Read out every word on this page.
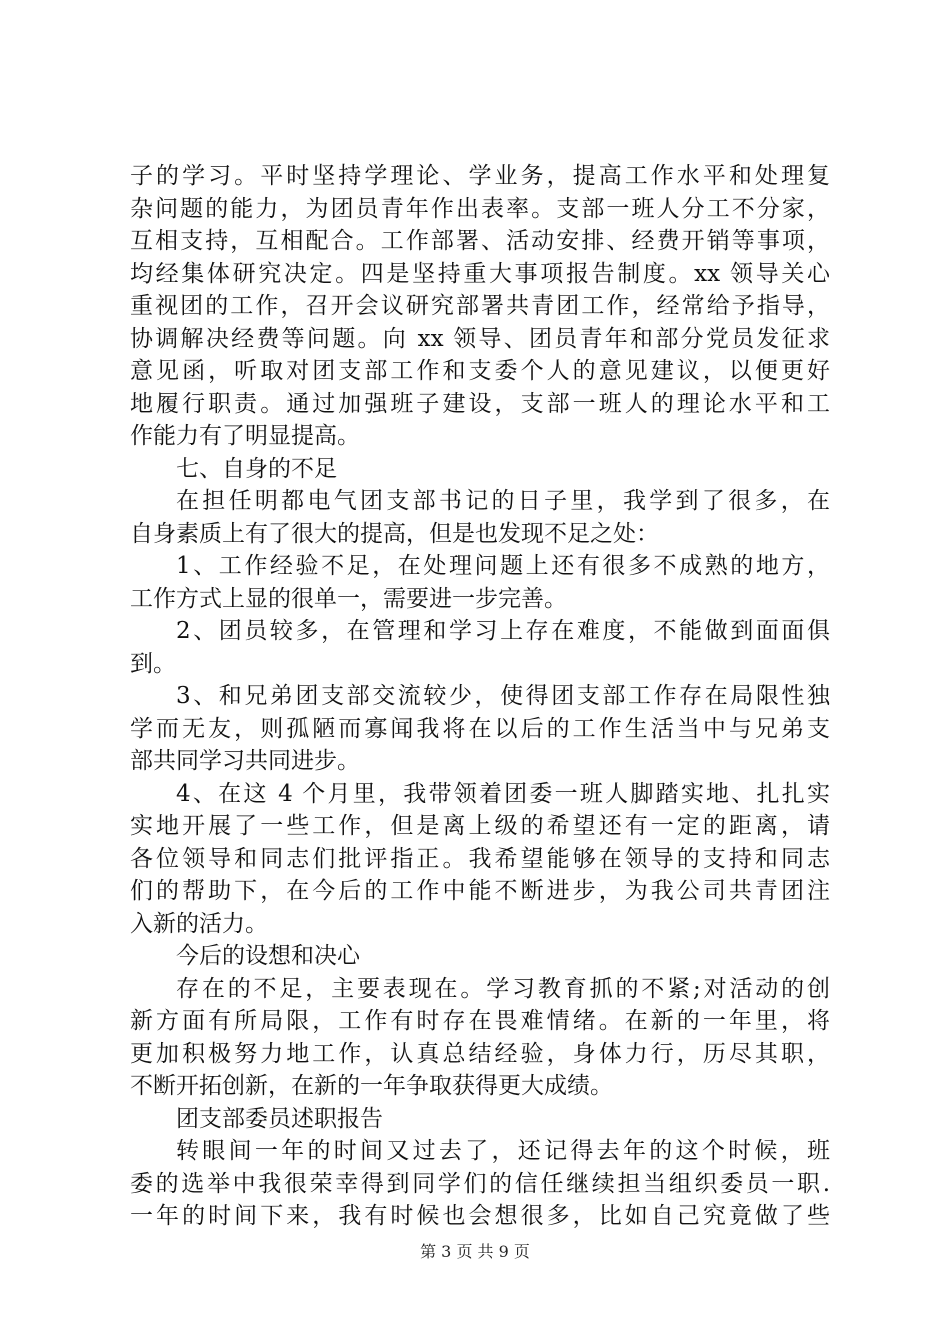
子的学习。平时坚持学理论、学业务，提高工作水平和处理复
杂问题的能力，为团员青年作出表率。支部一班人分工不分家，
互相支持，互相配合。工作部署、活动安排、经费开销等事项，
均经集体研究决定。四是坚持重大事项报告制度。xx 领导关心
重视团的工作，召开会议研究部署共青团工作，经常给予指导，
协调解决经费等问题。向 xx 领导、团员青年和部分党员发征求
意见函，听取对团支部工作和支委个人的意见建议，以便更好
地履行职责。通过加强班子建设，支部一班人的理论水平和工
作能力有了明显提高。
七、自身的不足
在担任明都电气团支部书记的日子里，我学到了很多，在
自身素质上有了很大的提高，但是也发现不足之处：
1、工作经验不足，在处理问题上还有很多不成熟的地方，
工作方式上显的很单一，需要进一步完善。
2、团员较多，在管理和学习上存在难度，不能做到面面俱
到。
3、和兄弟团支部交流较少，使得团支部工作存在局限性独
学而无友，则孤陋而寡闻我将在以后的工作生活当中与兄弟支
部共同学习共同进步。
4、在这 4 个月里，我带领着团委一班人脚踏实地、扎扎实
实地开展了一些工作，但是离上级的希望还有一定的距离，请
各位领导和同志们批评指正。我希望能够在领导的支持和同志
们的帮助下，在今后的工作中能不断进步，为我公司共青团注
入新的活力。
今后的设想和决心
存在的不足，主要表现在。学习教育抓的不紧;对活动的创
新方面有所局限，工作有时存在畏难情绪。在新的一年里，将
更加积极努力地工作，认真总结经验，身体力行，历尽其职，
不断开拓创新，在新的一年争取获得更大成绩。
团支部委员述职报告
转眼间一年的时间又过去了，还记得去年的这个时候，班
委的选举中我很荣幸得到同学们的信任继续担当组织委员一职.
一年的时间下来，我有时候也会想很多，比如自己究竟做了些
第 3 页 共 9 页
